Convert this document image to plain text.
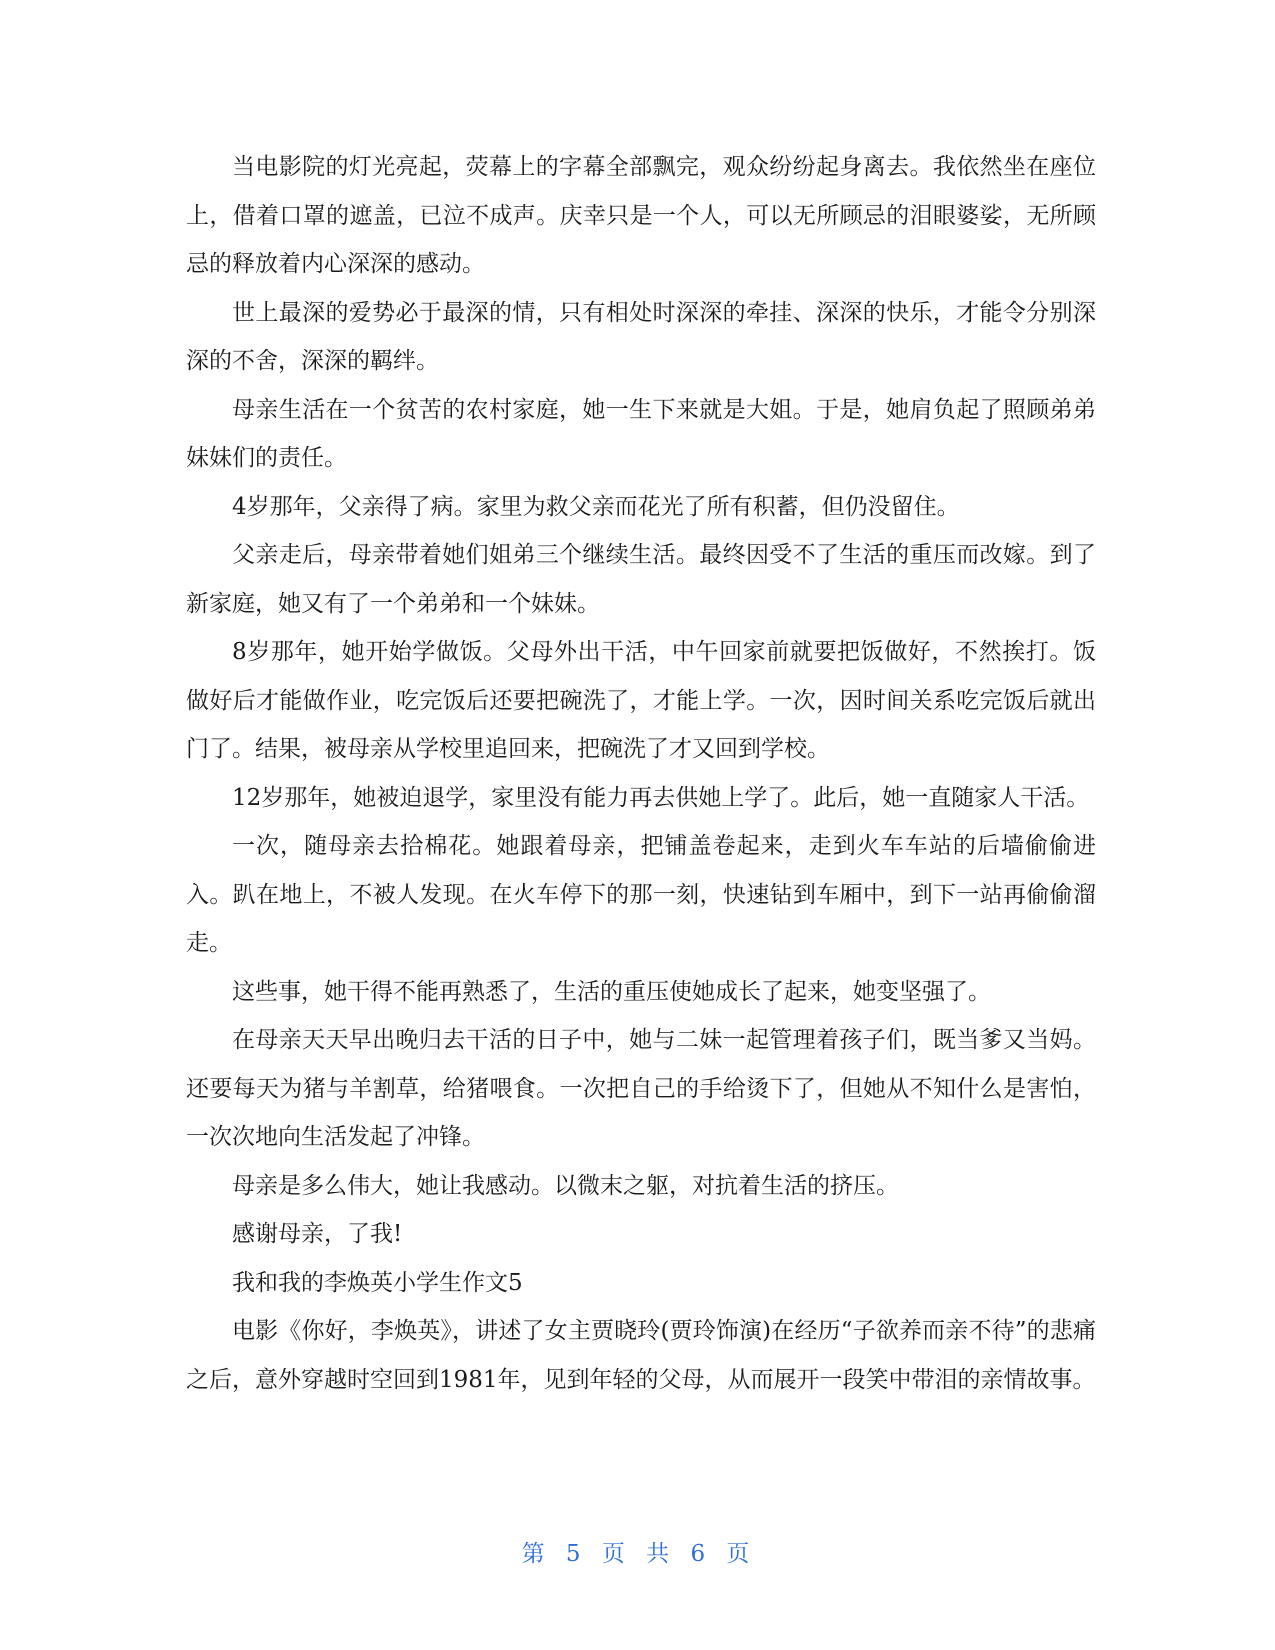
当电影院的灯光亮起，荧幕上的字幕全部飘完，观众纷纷起身离去。我依然坐在座位上，借着口罩的遮盖，已泣不成声。庆幸只是一个人，可以无所顾忌的泪眼婆娑，无所顾忌的释放着内心深深的感动。

世上最深的爱势必于最深的情，只有相处时深深的牵挂、深深的快乐，才能令分别深深的不舍，深深的羁绊。

母亲生活在一个贫苦的农村家庭，她一生下来就是大姐。于是，她肩负起了照顾弟弟妹妹们的责任。

4岁那年，父亲得了病。家里为救父亲而花光了所有积蓄，但仍没留住。

父亲走后，母亲带着她们姐弟三个继续生活。最终因受不了生活的重压而改嫁。到了新家庭，她又有了一个弟弟和一个妹妹。

8岁那年，她开始学做饭。父母外出干活，中午回家前就要把饭做好，不然挨打。饭做好后才能做作业，吃完饭后还要把碗洗了，才能上学。一次，因时间关系吃完饭后就出门了。结果，被母亲从学校里追回来，把碗洗了才又回到学校。

12岁那年，她被迫退学，家里没有能力再去供她上学了。此后，她一直随家人干活。

一次，随母亲去拾棉花。她跟着母亲，把铺盖卷起来，走到火车车站的后墙偷偷进入。趴在地上，不被人发现。在火车停下的那一刻，快速钻到车厢中，到下一站再偷偷溜走。

这些事，她干得不能再熟悉了，生活的重压使她成长了起来，她变坚强了。

在母亲天天早出晚归去干活的日子中，她与二妹一起管理着孩子们，既当爹又当妈。还要每天为猪与羊割草，给猪喂食。一次把自己的手给烫下了，但她从不知什么是害怕，一次次地向生活发起了冲锋。

母亲是多么伟大，她让我感动。以微末之躯，对抗着生活的挤压。

感谢母亲，了我!

我和我的李焕英小学生作文5

电影《你好，李焕英》，讲述了女主贾晓玲(贾玲饰演)在经历“子欲养而亲不待”的悲痛之后，意外穿越时空回到1981年，见到年轻的父母，从而展开一段笑中带泪的亲情故事。

第 5 页 共 6 页
